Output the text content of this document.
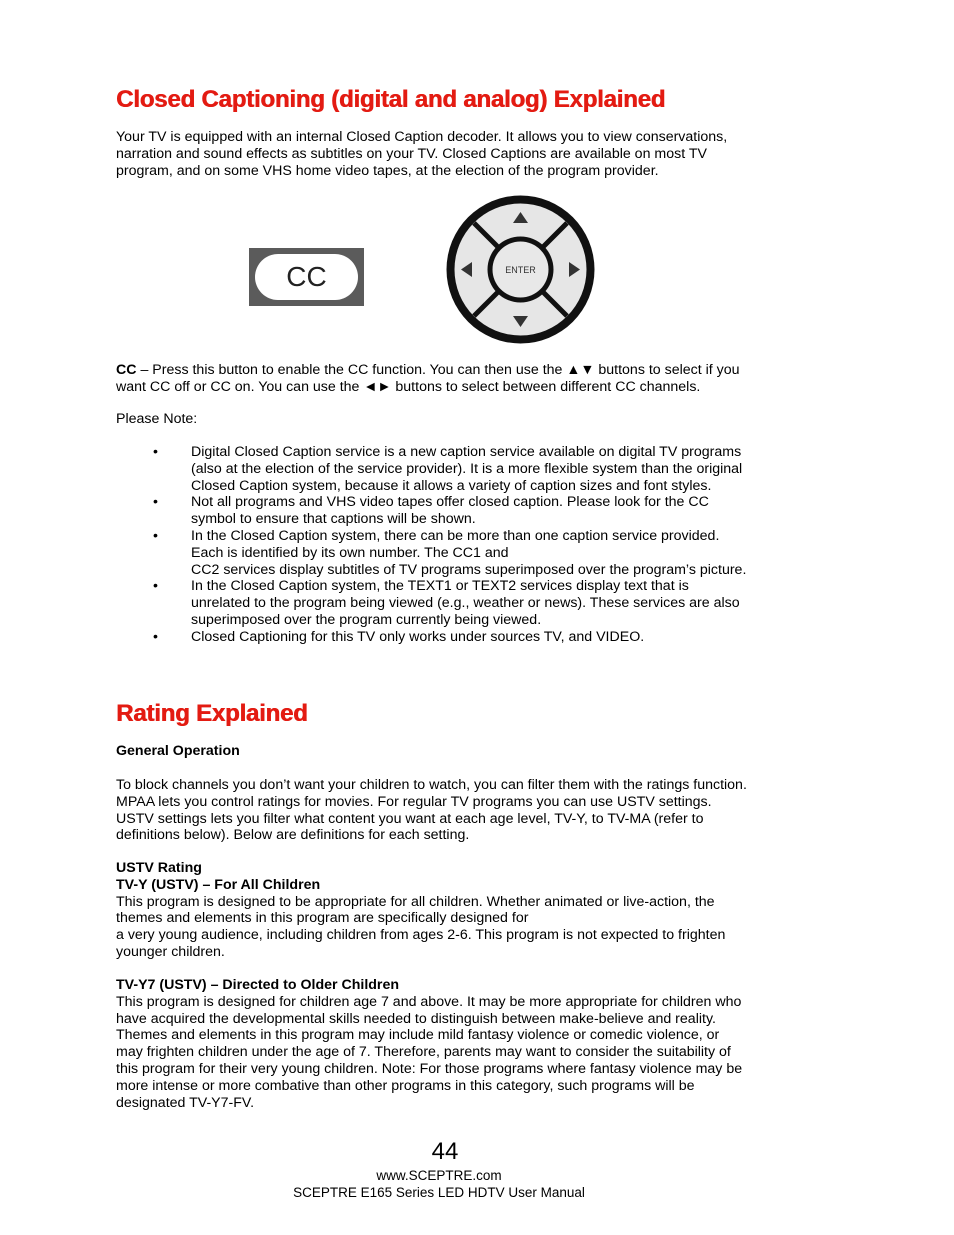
Closed Captioning (digital and analog) Explained
Your TV is equipped with an internal Closed Caption decoder. It allows you to view conservations,
narration and sound effects as subtitles on your TV. Closed Captions are available on most TV
program, and on some VHS home video tapes, at the election of the program provider.
CC	ENTER
CC – Press this button to enable the CC function. You can then use the ▲▼ buttons to select if you
want CC off or CC on. You can use the ◄► buttons to select between different CC channels.
Please Note:
• Digital Closed Caption service is a new caption service available on digital TV programs
(also at the election of the service provider). It is a more flexible system than the original
Closed Caption system, because it allows a variety of caption sizes and font styles.
• Not all programs and VHS video tapes offer closed caption. Please look for the CC
symbol to ensure that captions will be shown.
• In the Closed Caption system, there can be more than one caption service provided.
Each is identified by its own number. The CC1 and
CC2 services display subtitles of TV programs superimposed over the program’s picture.
• In the Closed Caption system, the TEXT1 or TEXT2 services display text that is
unrelated to the program being viewed (e.g., weather or news). These services are also
superimposed over the program currently being viewed.
• Closed Captioning for this TV only works under sources TV, and VIDEO.
Rating Explained
General Operation
To block channels you don’t want your children to watch, you can filter them with the ratings function.
MPAA lets you control ratings for movies. For regular TV programs you can use USTV settings.
USTV settings lets you filter what content you want at each age level, TV-Y, to TV-MA (refer to
definitions below). Below are definitions for each setting.
USTV Rating
TV-Y (USTV) – For All Children
This program is designed to be appropriate for all children. Whether animated or live-action, the
themes and elements in this program are specifically designed for
a very young audience, including children from ages 2-6. This program is not expected to frighten
younger children.
TV-Y7 (USTV) – Directed to Older Children
This program is designed for children age 7 and above. It may be more appropriate for children who
have acquired the developmental skills needed to distinguish between make-believe and reality.
Themes and elements in this program may include mild fantasy violence or comedic violence, or
may frighten children under the age of 7. Therefore, parents may want to consider the suitability of
this program for their very young children. Note: For those programs where fantasy violence may be
more intense or more combative than other programs in this category, such programs will be
designated TV-Y7-FV.
44
www.SCEPTRE.com
SCEPTRE E165 Series LED HDTV User Manual
